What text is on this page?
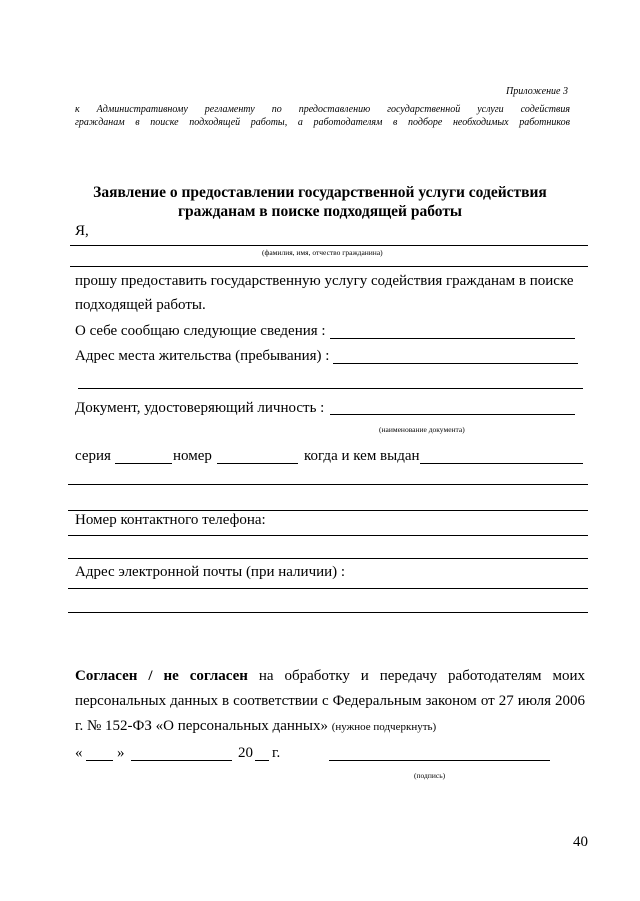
Приложение 3
к Административному регламенту по предоставлению государственной услуги содействия
гражданам в поиске подходящей работы, а работодателям в подборе необходимых работников
Заявление о предоставлении государственной услуги содействия
гражданам в поиске подходящей работы
Я,
(фамилия, имя, отчество гражданина)
прошу предоставить государственную услугу содействия гражданам в поиске
подходящей работы.
О себе сообщаю следующие сведения :
Адрес места жительства (пребывания) :
Документ, удостоверяющий личность :
(наименование документа)
серия	номер	когда и кем выдан
Номер контактного телефона:
Адрес электронной почты (при наличии) :
Согласен / не согласен на обработку и передачу работодателям моих
персональных данных в соответствии с Федеральным законом от 27 июля 2006
г. № 152-ФЗ «О персональных данных» (нужное подчеркнуть)
« »	20 г.
(подпись)
40
